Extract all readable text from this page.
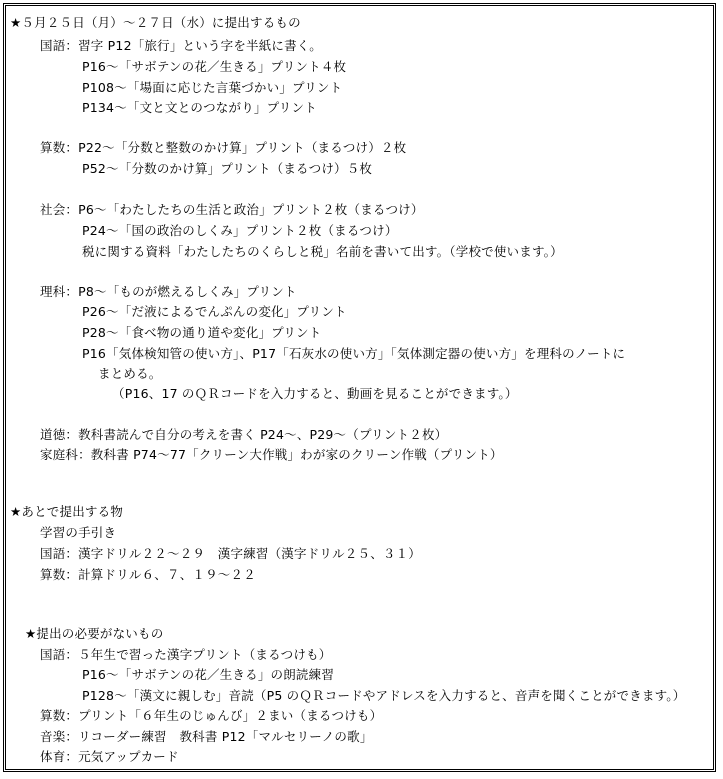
★５月２５日（月）～２７日（水）に提出するもの
国語：習字 P12「旅行」という字を半紙に書く。
P16～「サボテンの花／生きる」プリント４枚
P108～「場面に応じた言葉づかい」プリント
P134～「文と文とのつながり」プリント
算数：P22～「分数と整数のかけ算」プリント（まるつけ）２枚
P52～「分数のかけ算」プリント（まるつけ）５枚
社会：P6～「わたしたちの生活と政治」プリント２枚（まるつけ）
P24～「国の政治のしくみ」プリント２枚（まるつけ）
税に関する資料「わたしたちのくらしと税」名前を書いて出す。（学校で使います。）
理科：P8～「ものが燃えるしくみ」プリント
P26～「だ液によるでんぷんの変化」プリント
P28～「食べ物の通り道や変化」プリント
P16「気体検知管の使い方」、P17「石灰水の使い方」「気体測定器の使い方」を理科のノートに
まとめる。
（P16、17 のＱＲコードを入力すると、動画を見ることができます。）
道徳：教科書読んで自分の考えを書く P24～、P29～（プリント２枚）
家庭科：教科書 P74～77「クリーン大作戦」わが家のクリーン作戦（プリント）
★あとで提出する物
学習の手引き
国語：漢字ドリル２２～２９　漢字練習（漢字ドリル２５、３１）
算数：計算ドリル６、７、１９～２２
★提出の必要がないもの
国語：５年生で習った漢字プリント（まるつけも）
P16～「サボテンの花／生きる」の朗読練習
P128～「漢文に親しむ」音読（P5 のＱＲコードやアドレスを入力すると、音声を聞くことができます。）
算数：プリント「６年生のじゅんび」２まい（まるつけも）
音楽：リコーダー練習　教科書 P12「マルセリーノの歌」
体育：元気アップカード
